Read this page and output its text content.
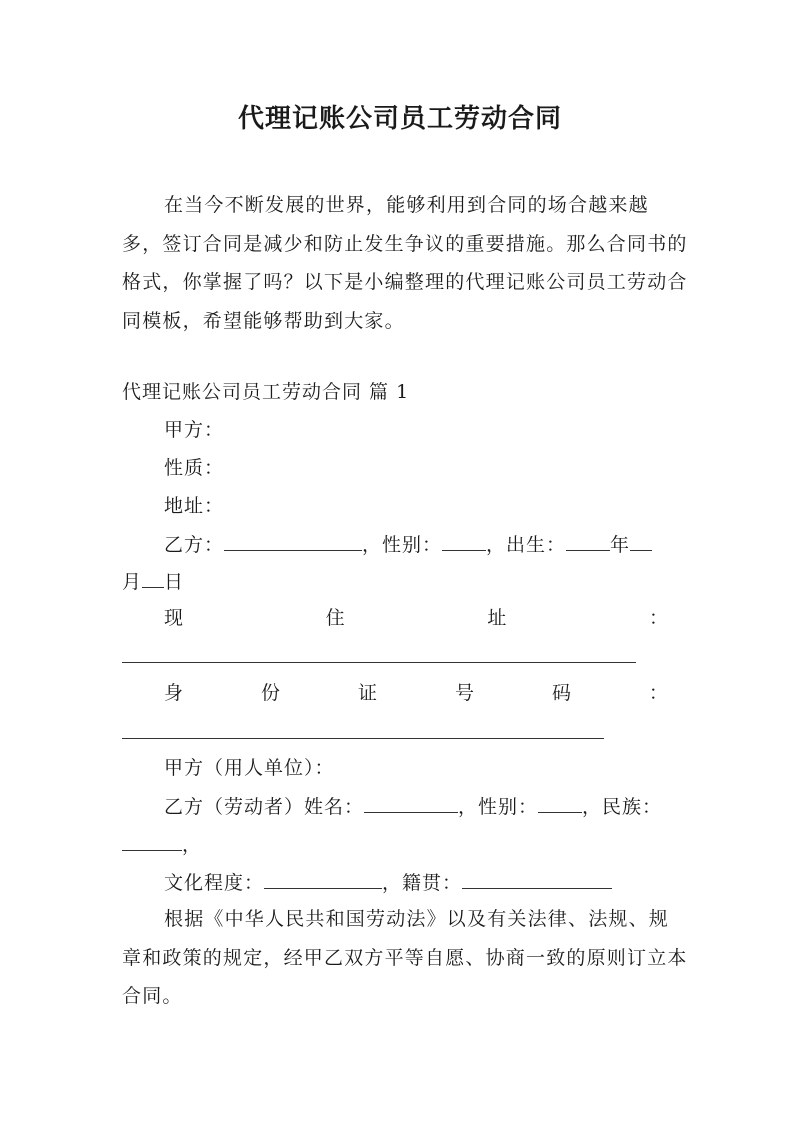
代理记账公司员工劳动合同

在当今不断发展的世界，能够利用到合同的场合越来越多，签订合同是减少和防止发生争议的重要措施。那么合同书的格式，你掌握了吗？以下是小编整理的代理记账公司员工劳动合同模板，希望能够帮助到大家。

代理记账公司员工劳动合同 篇 1
甲方：
性质：
地址：
乙方：	，性别： ，出生： 年
月 日
现	住	址	：
身	份	证	号	码	：
甲方（用人单位）：
乙方（劳动者）姓名：	，性别： ，民族：
，
文化程度：	，籍贯：

根据《中华人民共和国劳动法》以及有关法律、法规、规章和政策的规定，经甲乙双方平等自愿、协商一致的原则订立本合同。
